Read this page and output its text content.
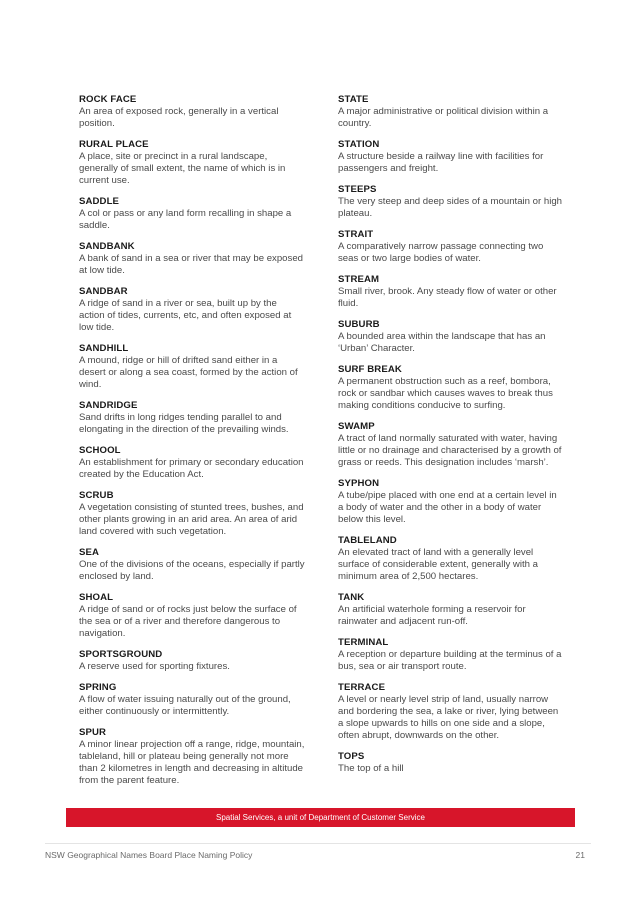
ROCK FACE
An area of exposed rock, generally in a vertical position.
RURAL PLACE
A place, site or precinct in a rural landscape, generally of small extent, the name of which is in current use.
SADDLE
A col or pass or any land form recalling in shape a saddle.
SANDBANK
A bank of sand in a sea or river that may be exposed at low tide.
SANDBAR
A ridge of sand in a river or sea, built up by the action of tides, currents, etc, and often exposed at low tide.
SANDHILL
A mound, ridge or hill of drifted sand either in a desert or along a sea coast, formed by the action of wind.
SANDRIDGE
Sand drifts in long ridges tending parallel to and elongating in the direction of the prevailing winds.
SCHOOL
An establishment for primary or secondary education created by the Education Act.
SCRUB
A vegetation consisting of stunted trees, bushes, and other plants growing in an arid area. An area of arid land covered with such vegetation.
SEA
One of the divisions of the oceans, especially if partly enclosed by land.
SHOAL
A ridge of sand or of rocks just below the surface of the sea or of a river and therefore dangerous to navigation.
SPORTSGROUND
A reserve used for sporting fixtures.
SPRING
A flow of water issuing naturally out of the ground, either continuously or intermittently.
SPUR
A minor linear projection off a range, ridge, mountain, tableland, hill or plateau being generally not more than 2 kilometres in length and decreasing in altitude from the parent feature.
STATE
A major administrative or political division within a country.
STATION
A structure beside a railway line with facilities for passengers and freight.
STEEPS
The very steep and deep sides of a mountain or high plateau.
STRAIT
A comparatively narrow passage connecting two seas or two large bodies of water.
STREAM
Small river, brook. Any steady flow of water or other fluid.
SUBURB
A bounded area within the landscape that has an ‘Urban’ Character.
SURF BREAK
A permanent obstruction such as a reef, bombora, rock or sandbar which causes waves to break thus making conditions conducive to surfing.
SWAMP
A tract of land normally saturated with water, having little or no drainage and characterised by a growth of grass or reeds. This designation includes ‘marsh’.
SYPHON
A tube/pipe placed with one end at a certain level in a body of water and the other in a body of water below this level.
TABLELAND
An elevated tract of land with a generally level surface of considerable extent, generally with a minimum area of 2,500 hectares.
TANK
An artificial waterhole forming a reservoir for rainwater and adjacent run-off.
TERMINAL
A reception or departure building at the terminus of a bus, sea or air transport route.
TERRACE
A level or nearly level strip of land, usually narrow and bordering the sea, a lake or river, lying between a slope upwards to hills on one side and a slope, often abrupt, downwards on the other.
TOPS
The top of a hill
Spatial Services, a unit of Department of Customer Service
NSW Geographical Names Board Place Naming Policy	21
